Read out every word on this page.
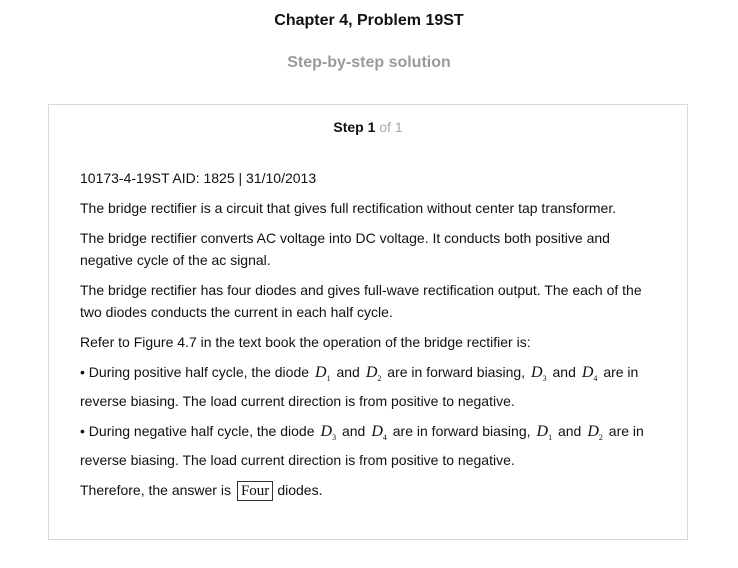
Chapter 4, Problem 19ST
Step-by-step solution
Step 1 of 1

10173-4-19ST AID: 1825 | 31/10/2013

The bridge rectifier is a circuit that gives full rectification without center tap transformer.

The bridge rectifier converts AC voltage into DC voltage. It conducts both positive and negative cycle of the ac signal.

The bridge rectifier has four diodes and gives full-wave rectification output. The each of the two diodes conducts the current in each half cycle.

Refer to Figure 4.7 in the text book the operation of the bridge rectifier is:

• During positive half cycle, the diode $D_1$ and $D_2$ are in forward biasing, $D_3$ and $D_4$ are in reverse biasing. The load current direction is from positive to negative.

• During negative half cycle, the diode $D_3$ and $D_4$ are in forward biasing, $D_1$ and $D_2$ are in reverse biasing. The load current direction is from positive to negative.

Therefore, the answer is Four diodes.
